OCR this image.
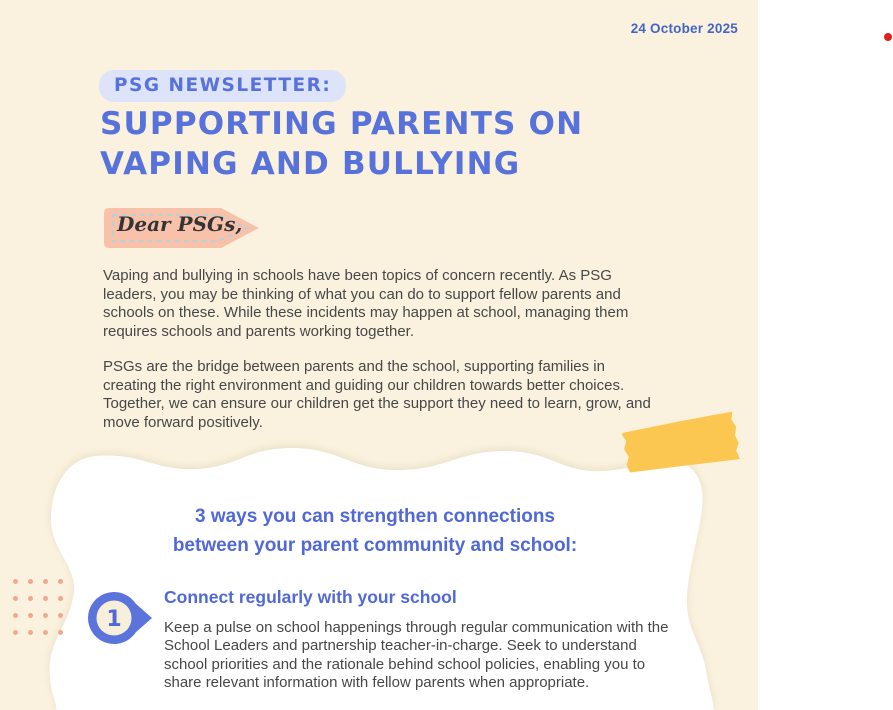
24 October 2025
PSG NEWSLETTER:
SUPPORTING PARENTS ON
VAPING AND BULLYING
Dear PSGs,

Vaping and bullying in schools have been topics of concern recently. As PSG leaders, you may be thinking of what you can do to support fellow parents and schools on these. While these incidents may happen at school, managing them requires schools and parents working together.

PSGs are the bridge between parents and the school, supporting families in creating the right environment and guiding our children towards better choices. Together, we can ensure our children get the support they need to learn, grow, and move forward positively.

3 ways you can strengthen connections
between your parent community and school:
1
Connect regularly with your school

Keep a pulse on school happenings through regular communication with the School Leaders and partnership teacher-in-charge. Seek to understand school priorities and the rationale behind school policies, enabling you to share relevant information with fellow parents when appropriate.
